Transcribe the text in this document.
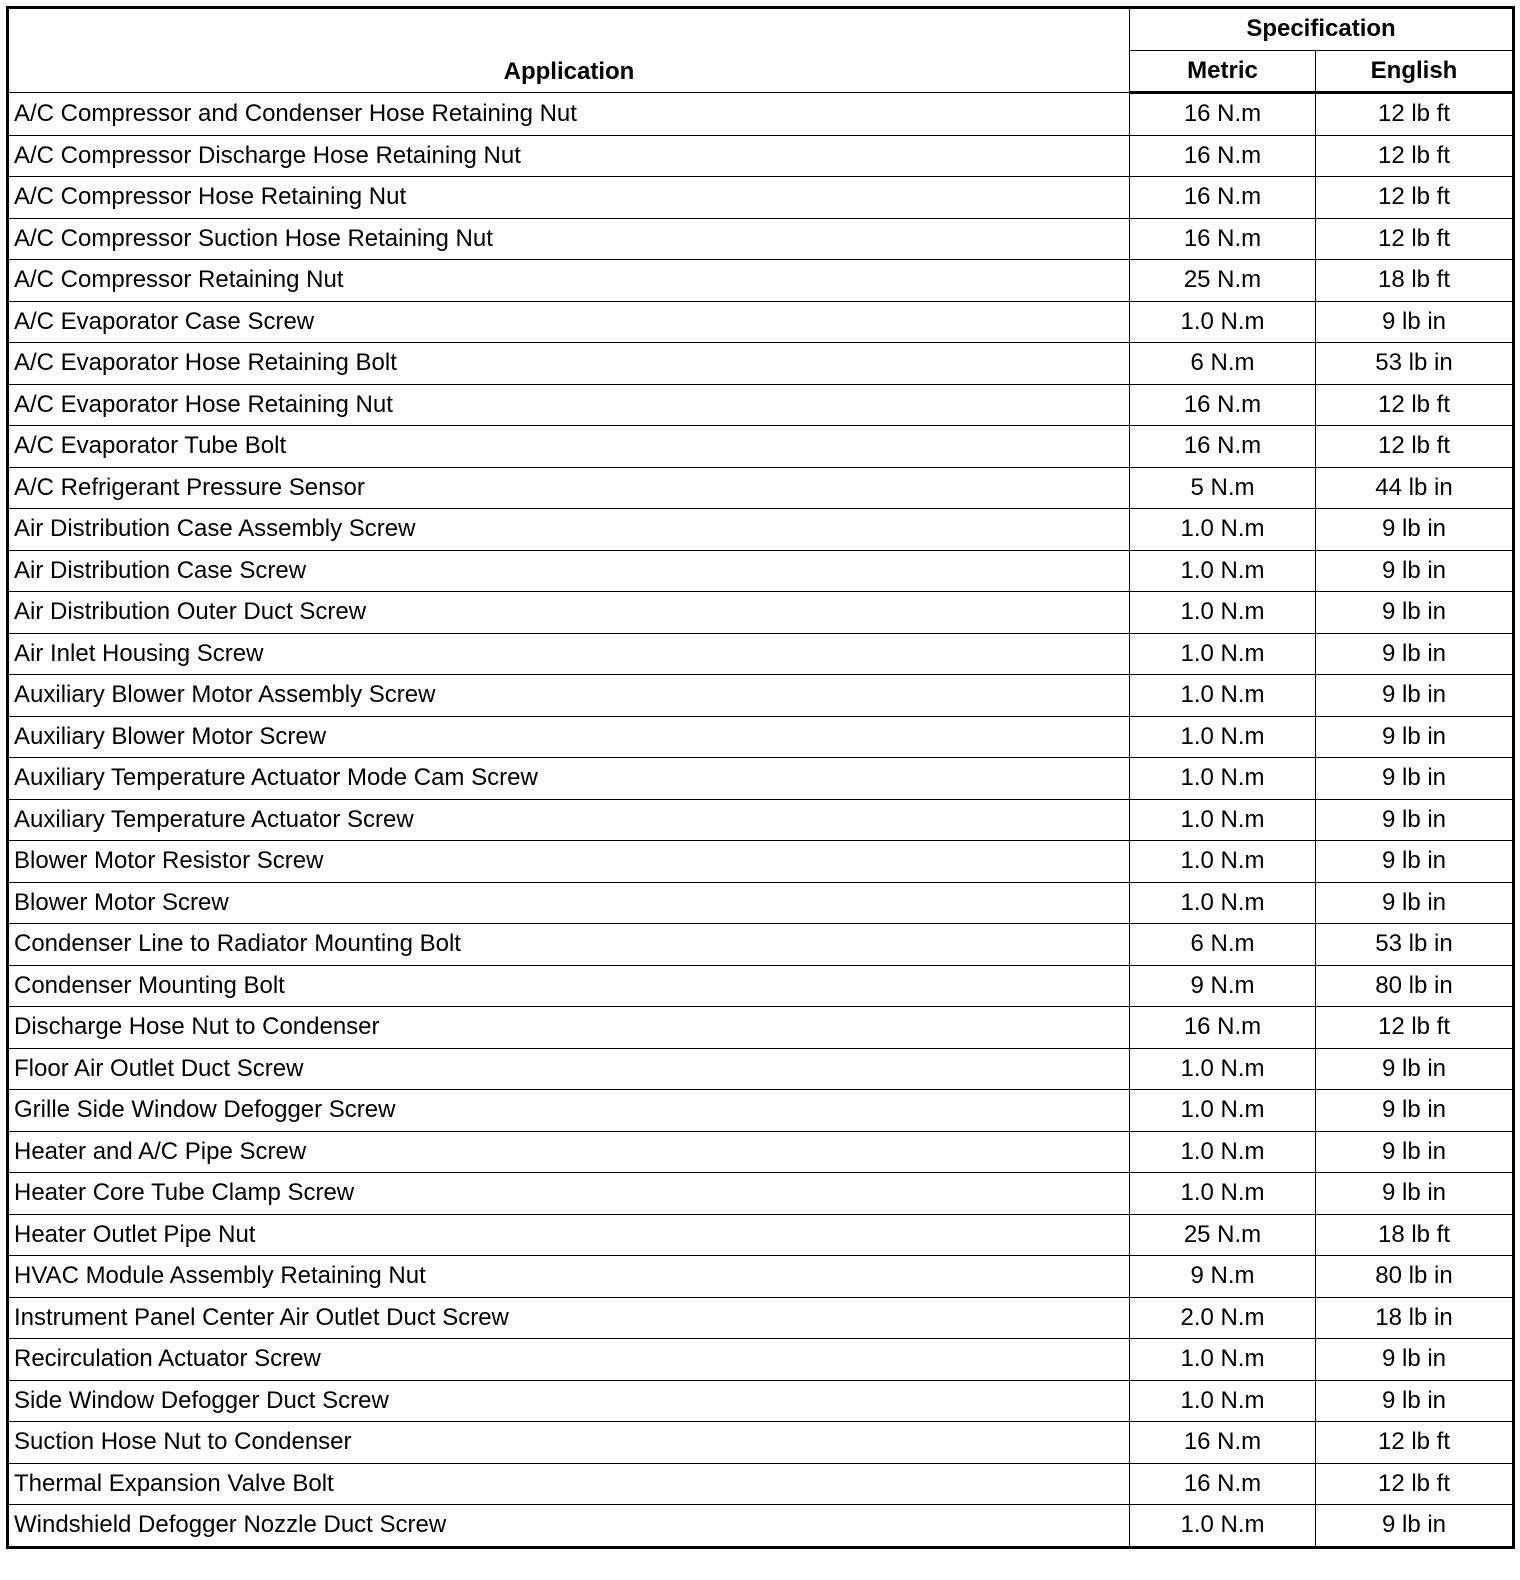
Application	Specification	
	Metric	English
A/C Compressor and Condenser Hose Retaining Nut	16 N.m	12 lb ft
A/C Compressor Discharge Hose Retaining Nut	16 N.m	12 lb ft
A/C Compressor Hose Retaining Nut	16 N.m	12 lb ft
A/C Compressor Suction Hose Retaining Nut	16 N.m	12 lb ft
A/C Compressor Retaining Nut	25 N.m	18 lb ft
A/C Evaporator Case Screw	1.0 N.m	9 lb in
A/C Evaporator Hose Retaining Bolt	6 N.m	53 lb in
A/C Evaporator Hose Retaining Nut	16 N.m	12 lb ft
A/C Evaporator Tube Bolt	16 N.m	12 lb ft
A/C Refrigerant Pressure Sensor	5 N.m	44 lb in
Air Distribution Case Assembly Screw	1.0 N.m	9 lb in
Air Distribution Case Screw	1.0 N.m	9 lb in
Air Distribution Outer Duct Screw	1.0 N.m	9 lb in
Air Inlet Housing Screw	1.0 N.m	9 lb in
Auxiliary Blower Motor Assembly Screw	1.0 N.m	9 lb in
Auxiliary Blower Motor Screw	1.0 N.m	9 lb in
Auxiliary Temperature Actuator Mode Cam Screw	1.0 N.m	9 lb in
Auxiliary Temperature Actuator Screw	1.0 N.m	9 lb in
Blower Motor Resistor Screw	1.0 N.m	9 lb in
Blower Motor Screw	1.0 N.m	9 lb in
Condenser Line to Radiator Mounting Bolt	6 N.m	53 lb in
Condenser Mounting Bolt	9 N.m	80 lb in
Discharge Hose Nut to Condenser	16 N.m	12 lb ft
Floor Air Outlet Duct Screw	1.0 N.m	9 lb in
Grille Side Window Defogger Screw	1.0 N.m	9 lb in
Heater and A/C Pipe Screw	1.0 N.m	9 lb in
Heater Core Tube Clamp Screw	1.0 N.m	9 lb in
Heater Outlet Pipe Nut	25 N.m	18 lb ft
HVAC Module Assembly Retaining Nut	9 N.m	80 lb in
Instrument Panel Center Air Outlet Duct Screw	2.0 N.m	18 lb in
Recirculation Actuator Screw	1.0 N.m	9 lb in
Side Window Defogger Duct Screw	1.0 N.m	9 lb in
Suction Hose Nut to Condenser	16 N.m	12 lb ft
Thermal Expansion Valve Bolt	16 N.m	12 lb ft
Windshield Defogger Nozzle Duct Screw	1.0 N.m	9 lb in
